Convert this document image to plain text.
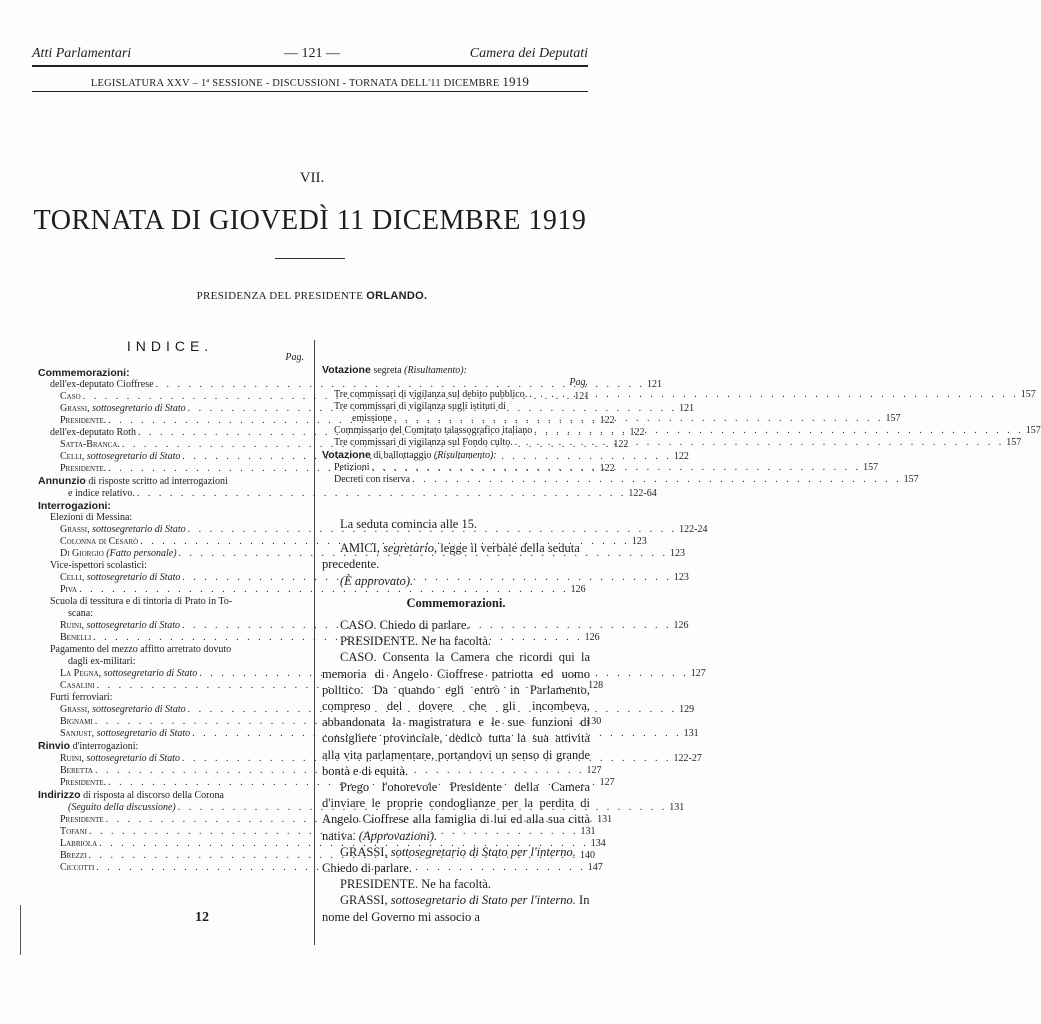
Atti Parlamentari	— 121 —	Camera dei Deputati
LEGISLATURA XXV – 1ª SESSIONE - DISCUSSIONI - TORNATA DELL'11 DICEMBRE 1919
VII.
TORNATA DI GIOVEDÌ 11 DICEMBRE 1919
PRESIDENZA DEL PRESIDENTE ORLANDO.
INDICE.
Pag.
Commemorazioni:
dell'ex-deputato Cioffrese . . .	121
Caso . . .	121
Grassi, sottosegretario di Stato . . .	121
Presidente. . . .	122
dell'ex-deputato Roth . . .	122
Satta-Branca. . . .	122
Celli, sottosegretario di Stato . . .	122
Presidente. . . .	122
Annunzio di risposte scritto ad interrogazioni
e indice relativo. . . .	122-64
Interrogazioni:
Elezioni di Messina:
Grassi, sottosegretario di Stato . . .	122-24
Colonna di Cesarò . . .	123
Di Giorgio (Fatto personale) . . .	123
Vice-ispettori scolastici:
Celli, sottosegretario di Stato . . .	123
Piva . . .	126
Scuola di tessitura e di tintoria di Prato in To-
scana:
Ruini, sottosegretario di Stato . . .	126
Benelli . . .	126
Pagamento del mezzo affitto arretrato dovuto
dagli ex-militari:
La Pegna, sottosegretario di Stato . . .	127
Casalini . . .	128
Furti ferroviari:
Grassi, sottosegretario di Stato . . .	129
Bignami . . .	130
Sanjust, sottosegretario di Stato . . .	131
Rinvio d'interrogazioni:
Ruini, sottosegretario di Stato . . .	122-27
Beretta . . .	127
Presidente. . . .	127
Indirizzo di risposta al discorso della Corona
(Seguito della discussione) . . .	131
Presidente . . .	131
Tofani . . .	131
Labriola . . .	134
Brezzi . . .	140
Ciccotti . . .	147
Votazione segreta (Risultamento):
Pag.
Tre commissari di vigilanza sul debito pubblico. . . .	157
Tre commissari di vigilanza sugli istituti di
emissione . . .	157
Commissario del Comitato talassografico italiano . . .	157
Tre commissari di vigilanza sul Fondo culto. . . .	157
Votazione di ballottaggio (Risultamento):
Petizioni . . .	157
Decreti con riserva . . .	157
12

La seduta comincia alle 15.

AMICI, segretario, legge il verbale della seduta precedente.

(È approvato).

Commemorazioni.

CASO. Chiedo di parlare.

PRESIDENTE. Ne ha facoltà.

CASO. Consenta la Camera che ricordi qui la memoria di Angelo Cioffrese patriotta ed uomo politico. Da quando egli entrò in Parlamento, compreso del dovere che gli incombeva, abbandonata la magistratura e le sue funzioni di consigliere provinciale, dedicò tutta la sua attività alla vita parlamentare, portandovi un senso di grande bontà e di equità.

Prego l'onorevole Presidente della Camera d'inviare le proprie condoglianze per la perdita di Angelo Cioffrese alla famiglia di lui ed alla sua città nativa. (Approvazioni).

GRASSI, sottosegretario di Stato per l'interno. Chiedo di parlare.

PRESIDENTE. Ne ha facoltà.

GRASSI, sottosegretario di Stato per l'interno. In nome del Governo mi associo a
